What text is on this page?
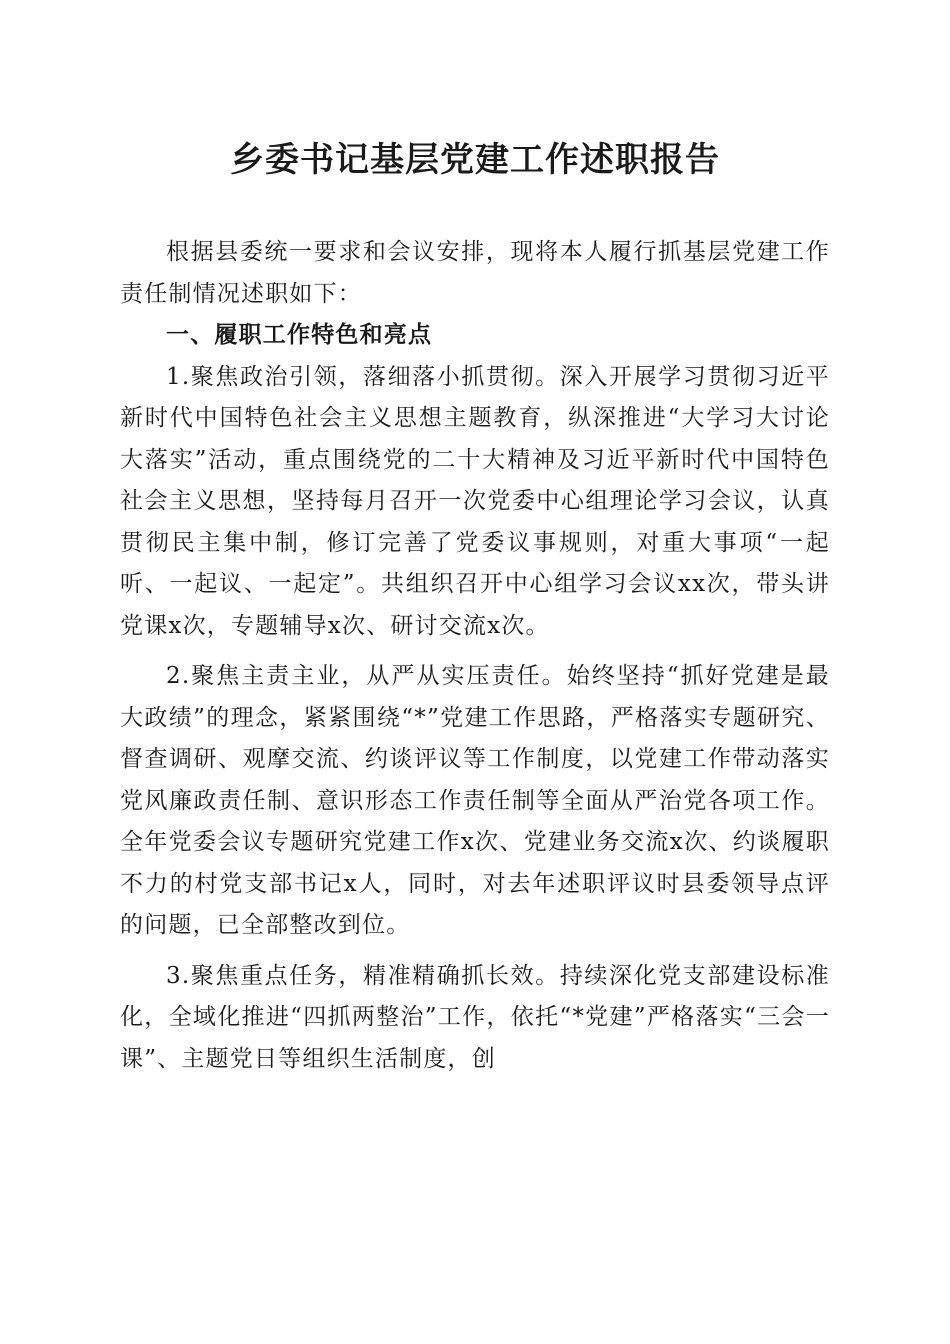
乡委书记基层党建工作述职报告

根据县委统一要求和会议安排，现将本人履行抓基层党建工作责任制情况述职如下：

一、履职工作特色和亮点

1.聚焦政治引领，落细落小抓贯彻。深入开展学习贯彻习近平新时代中国特色社会主义思想主题教育，纵深推进“大学习大讨论大落实”活动，重点围绕党的二十大精神及习近平新时代中国特色社会主义思想，坚持每月召开一次党委中心组理论学习会议，认真贯彻民主集中制，修订完善了党委议事规则，对重大事项“一起听、一起议、一起定”。共组织召开中心组学习会议xx次，带头讲党课x次，专题辅导x次、研讨交流x次。

2.聚焦主责主业，从严从实压责任。始终坚持“抓好党建是最大政绩”的理念，紧紧围绕“*”党建工作思路，严格落实专题研究、督查调研、观摩交流、约谈评议等工作制度，以党建工作带动落实党风廉政责任制、意识形态工作责任制等全面从严治党各项工作。全年党委会议专题研究党建工作x次、党建业务交流x次、约谈履职不力的村党支部书记x人，同时，对去年述职评议时县委领导点评的问题，已全部整改到位。

3.聚焦重点任务，精准精确抓长效。持续深化党支部建设标准化，全域化推进“四抓两整治”工作，依托“*党建”严格落实“三会一课”、主题党日等组织生活制度，创
